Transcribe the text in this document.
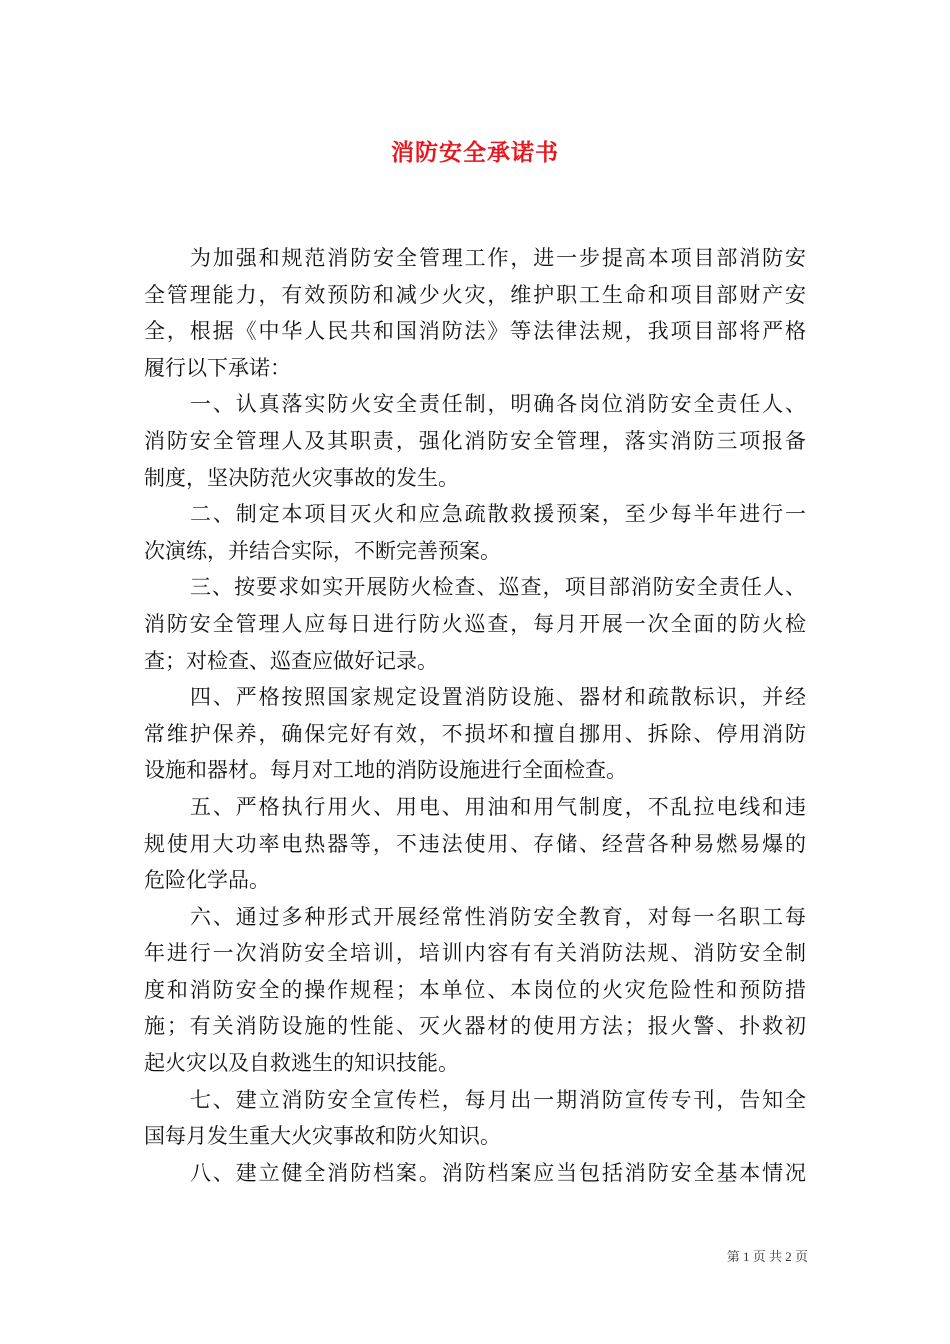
消防安全承诺书
为加强和规范消防安全管理工作，进一步提高本项目部消防安
全管理能力，有效预防和减少火灾，维护职工生命和项目部财产安
全，根据《中华人民共和国消防法》等法律法规，我项目部将严格
履行以下承诺：
一、认真落实防火安全责任制，明确各岗位消防安全责任人、
消防安全管理人及其职责，强化消防安全管理，落实消防三项报备
制度，坚决防范火灾事故的发生。
二、制定本项目灭火和应急疏散救援预案，至少每半年进行一
次演练，并结合实际，不断完善预案。
三、按要求如实开展防火检查、巡查，项目部消防安全责任人、
消防安全管理人应每日进行防火巡查，每月开展一次全面的防火检
查；对检查、巡查应做好记录。
四、严格按照国家规定设置消防设施、器材和疏散标识，并经
常维护保养，确保完好有效，不损坏和擅自挪用、拆除、停用消防
设施和器材。每月对工地的消防设施进行全面检查。
五、严格执行用火、用电、用油和用气制度，不乱拉电线和违
规使用大功率电热器等，不违法使用、存储、经营各种易燃易爆的
危险化学品。
六、通过多种形式开展经常性消防安全教育，对每一名职工每
年进行一次消防安全培训，培训内容有有关消防法规、消防安全制
度和消防安全的操作规程；本单位、本岗位的火灾危险性和预防措
施；有关消防设施的性能、灭火器材的使用方法；报火警、扑救初
起火灾以及自救逃生的知识技能。
七、建立消防安全宣传栏，每月出一期消防宣传专刊，告知全
国每月发生重大火灾事故和防火知识。
八、建立健全消防档案。消防档案应当包括消防安全基本情况
第 1 页 共 2 页
